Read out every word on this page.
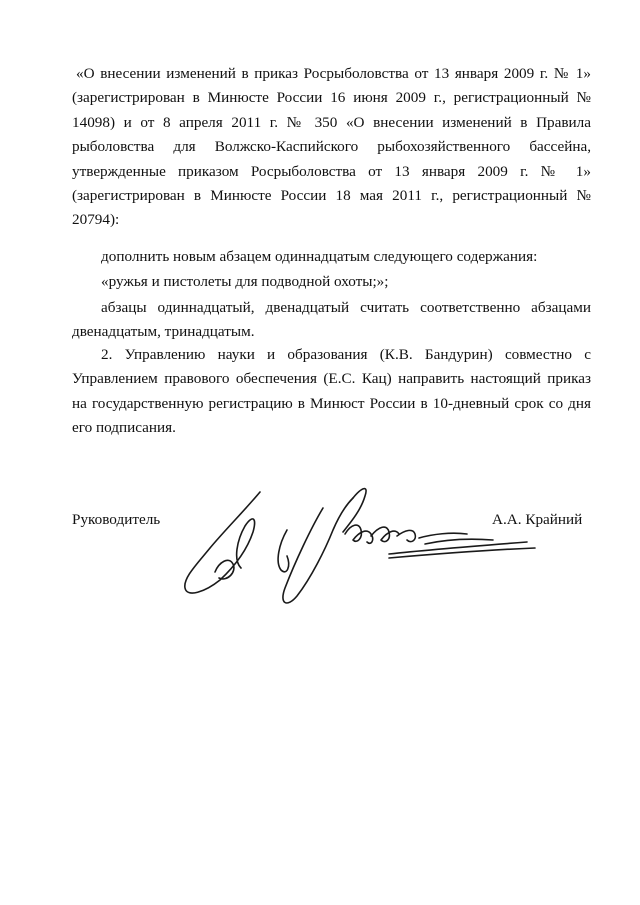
«О внесении изменений в приказ Росрыболовства от 13 января 2009 г. № 1» (зарегистрирован в Минюсте России 16 июня 2009 г., регистрационный № 14098) и от 8 апреля 2011 г. № 350 «О внесении изменений в Правила рыболовства для Волжско-Каспийского рыбохозяйственного бассейна, утвержденные приказом Росрыболовства от 13 января 2009 г. № 1» (зарегистрирован в Минюсте России 18 мая 2011 г., регистрационный № 20794):

дополнить новым абзацем одиннадцатым следующего содержания:

«ружья и пистолеты для подводной охоты;»;

абзацы одиннадцатый, двенадцатый считать соответственно абзацами двенадцатым, тринадцатым.

2. Управлению науки и образования (К.В. Бандурин) совместно с Управлением правового обеспечения (Е.С. Кац) направить настоящий приказ на государственную регистрацию в Минюст России в 10-дневный срок со дня его подписания.

Руководитель	А.А. Крайний
